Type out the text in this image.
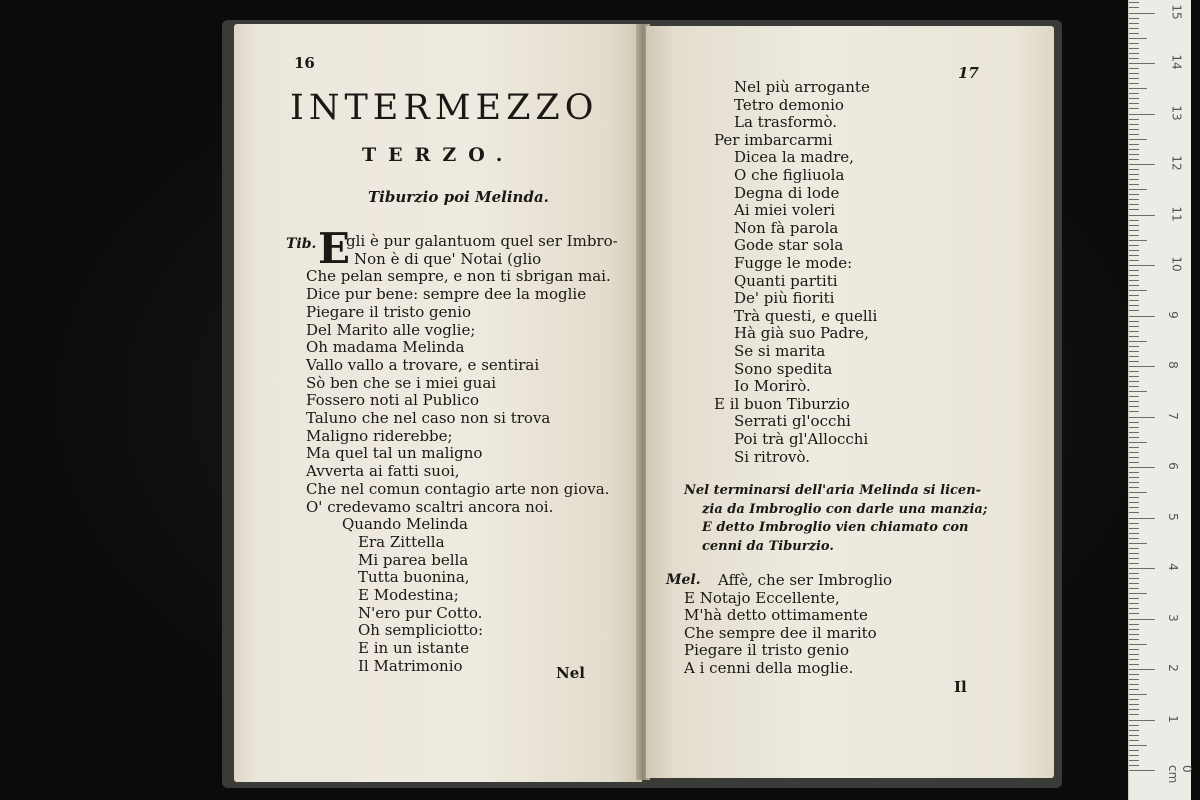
16
INTERMEZZO
TERZO.
Tiburzio poi Melinda.
Tib. E
gli è pur galantuom quel ser Imbro-
Non è di que' Notai (glio
Che pelan sempre, e non ti sbrigan mai.
Dice pur bene: sempre dee la moglie
Piegare il tristo genio
Del Marito alle voglie;
Oh madama Melinda
Vallo vallo a trovare, e sentirai
Sò ben che se i miei guai
Fossero noti al Publico
Taluno che nel caso non si trova
Maligno riderebbe;
Ma quel tal un maligno
Avverta ai fatti suoi,
Che nel comun contagio arte non giova.
O' credevamo scaltri ancora noi.
Quando Melinda
Era Zittella
Mi parea bella
Tutta buonina,
E Modestina;
N'ero pur Cotto.
Oh semplicіotto:
E in un istante
Il Matrimonio	Nel
17
Nel più arrogante
Tetro demonio
La trasformò.
Per imbarcarmi
Dicea la madre,
O che figliuola
Degna di lode
Ai miei voleri
Non fà parola
Gode star sola
Fugge le mode:
Quanti partiti
De' più fioriti
Trà questi, e quelli
Hà già suo Padre,
Se si marita
Sono spedita
Io Morirò.
E il buon Tiburzio
Serrati gl'occhi
Poi trà gl'Allocchi
Si ritrovò.
Nel terminarsi dell'aria Melinda si licen-
zia da Imbroglio con darle una manzia;
E detto Imbroglio vien chiamato con
cenni da Tiburzio.
Mel. Affè, che ser Imbroglio
E Notajo Eccellente,
M'hà detto ottimamente
Che sempre dee il marito
Piegare il tristo genio
A i cenni della moglie.
Il
15
14
13
12
11
10
9
8
7
6
5
4
3
2
1
0 cm
